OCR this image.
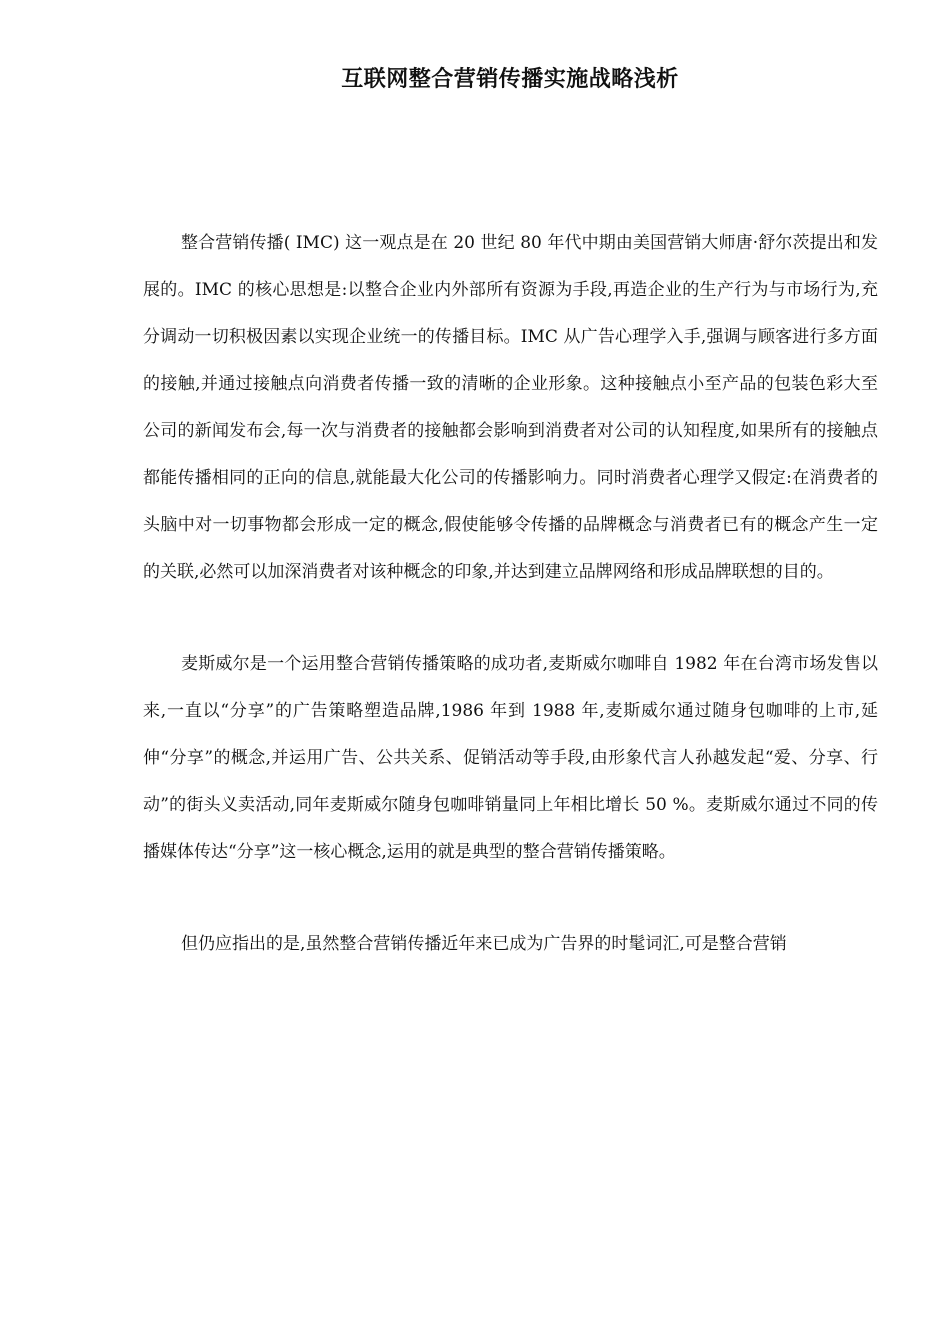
互联网整合营销传播实施战略浅析

整合营销传播( IMC) 这一观点是在 20 世纪 80 年代中期由美国营销大师唐·舒尔茨提出和发展的。IMC 的核心思想是:以整合企业内外部所有资源为手段,再造企业的生产行为与市场行为,充分调动一切积极因素以实现企业统一的传播目标。IMC 从广告心理学入手,强调与顾客进行多方面的接触,并通过接触点向消费者传播一致的清晰的企业形象。这种接触点小至产品的包装色彩大至公司的新闻发布会,每一次与消费者的接触都会影响到消费者对公司的认知程度,如果所有的接触点都能传播相同的正向的信息,就能最大化公司的传播影响力。同时消费者心理学又假定:在消费者的头脑中对一切事物都会形成一定的概念,假使能够令传播的品牌概念与消费者已有的概念产生一定的关联,必然可以加深消费者对该种概念的印象,并达到建立品牌网络和形成品牌联想的目的。

麦斯威尔是一个运用整合营销传播策略的成功者,麦斯威尔咖啡自 1982 年在台湾市场发售以来,一直以“分享”的广告策略塑造品牌,1986 年到 1988 年,麦斯威尔通过随身包咖啡的上市,延伸“分享”的概念,并运用广告、公共关系、促销活动等手段,由形象代言人孙越发起“爱、分享、行动”的街头义卖活动,同年麦斯威尔随身包咖啡销量同上年相比增长 50 %。麦斯威尔通过不同的传播媒体传达“分享”这一核心概念,运用的就是典型的整合营销传播策略。

但仍应指出的是,虽然整合营销传播近年来已成为广告界的时髦词汇,可是整合营销
